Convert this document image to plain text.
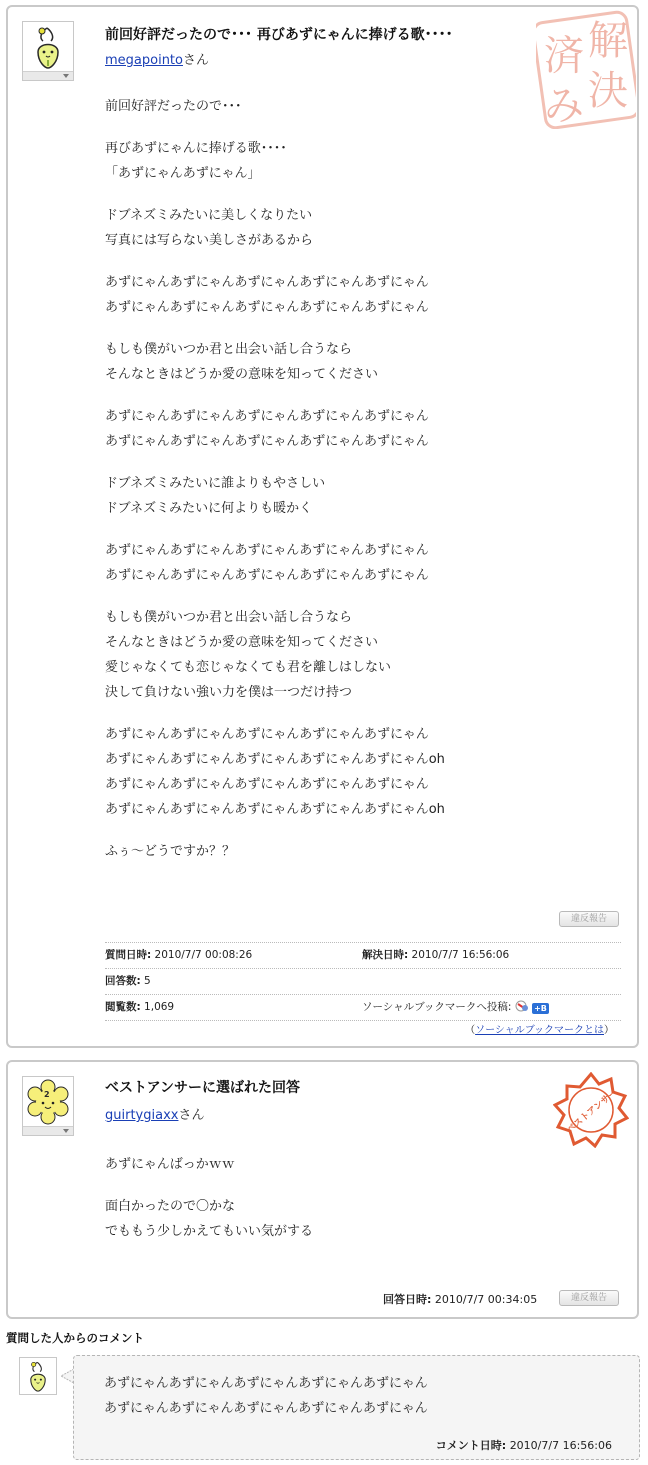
前回好評だったので･･･ 再びあずにゃんに捧げる歌････
megapointoさん	解
済
決
み
前回好評だったので･･･
再びあずにゃんに捧げる歌････
「あずにゃんあずにゃん」
ドブネズミみたいに美しくなりたい
写真には写らない美しさがあるから
あずにゃんあずにゃんあずにゃんあずにゃんあずにゃん
あずにゃんあずにゃんあずにゃんあずにゃんあずにゃん
もしも僕がいつか君と出会い話し合うなら
そんなときはどうか愛の意味を知ってください
あずにゃんあずにゃんあずにゃんあずにゃんあずにゃん
あずにゃんあずにゃんあずにゃんあずにゃんあずにゃん
ドブネズミみたいに誰よりもやさしい
ドブネズミみたいに何よりも暖かく
あずにゃんあずにゃんあずにゃんあずにゃんあずにゃん
あずにゃんあずにゃんあずにゃんあずにゃんあずにゃん
もしも僕がいつか君と出会い話し合うなら
そんなときはどうか愛の意味を知ってください
愛じゃなくても恋じゃなくても君を離しはしない
決して負けない強い力を僕は一つだけ持つ
あずにゃんあずにゃんあずにゃんあずにゃんあずにゃん
あずにゃんあずにゃんあずにゃんあずにゃんあずにゃんoh
あずにゃんあずにゃんあずにゃんあずにゃんあずにゃん
あずにゃんあずにゃんあずにゃんあずにゃんあずにゃんoh
ふぅ～どうですか？？
違反報告
質問日時: 2010/7/7 00:08:26	解決日時: 2010/7/7 16:56:06
回答数: 5
閲覧数: 1,069	ソーシャルブックマークへ投稿:	+B
（ソーシャルブックマークとは）
2	ベストアンサーに選ばれた回答
guirtygiaxxさん	ベストアンサー
あずにゃんばっかｗｗ
面白かったので〇かな
でももう少しかえてもいい気がする
回答日時: 2010/7/7 00:34:05	違反報告
質問した人からのコメント
あずにゃんあずにゃんあずにゃんあずにゃんあずにゃん
あずにゃんあずにゃんあずにゃんあずにゃんあずにゃん
コメント日時: 2010/7/7 16:56:06
